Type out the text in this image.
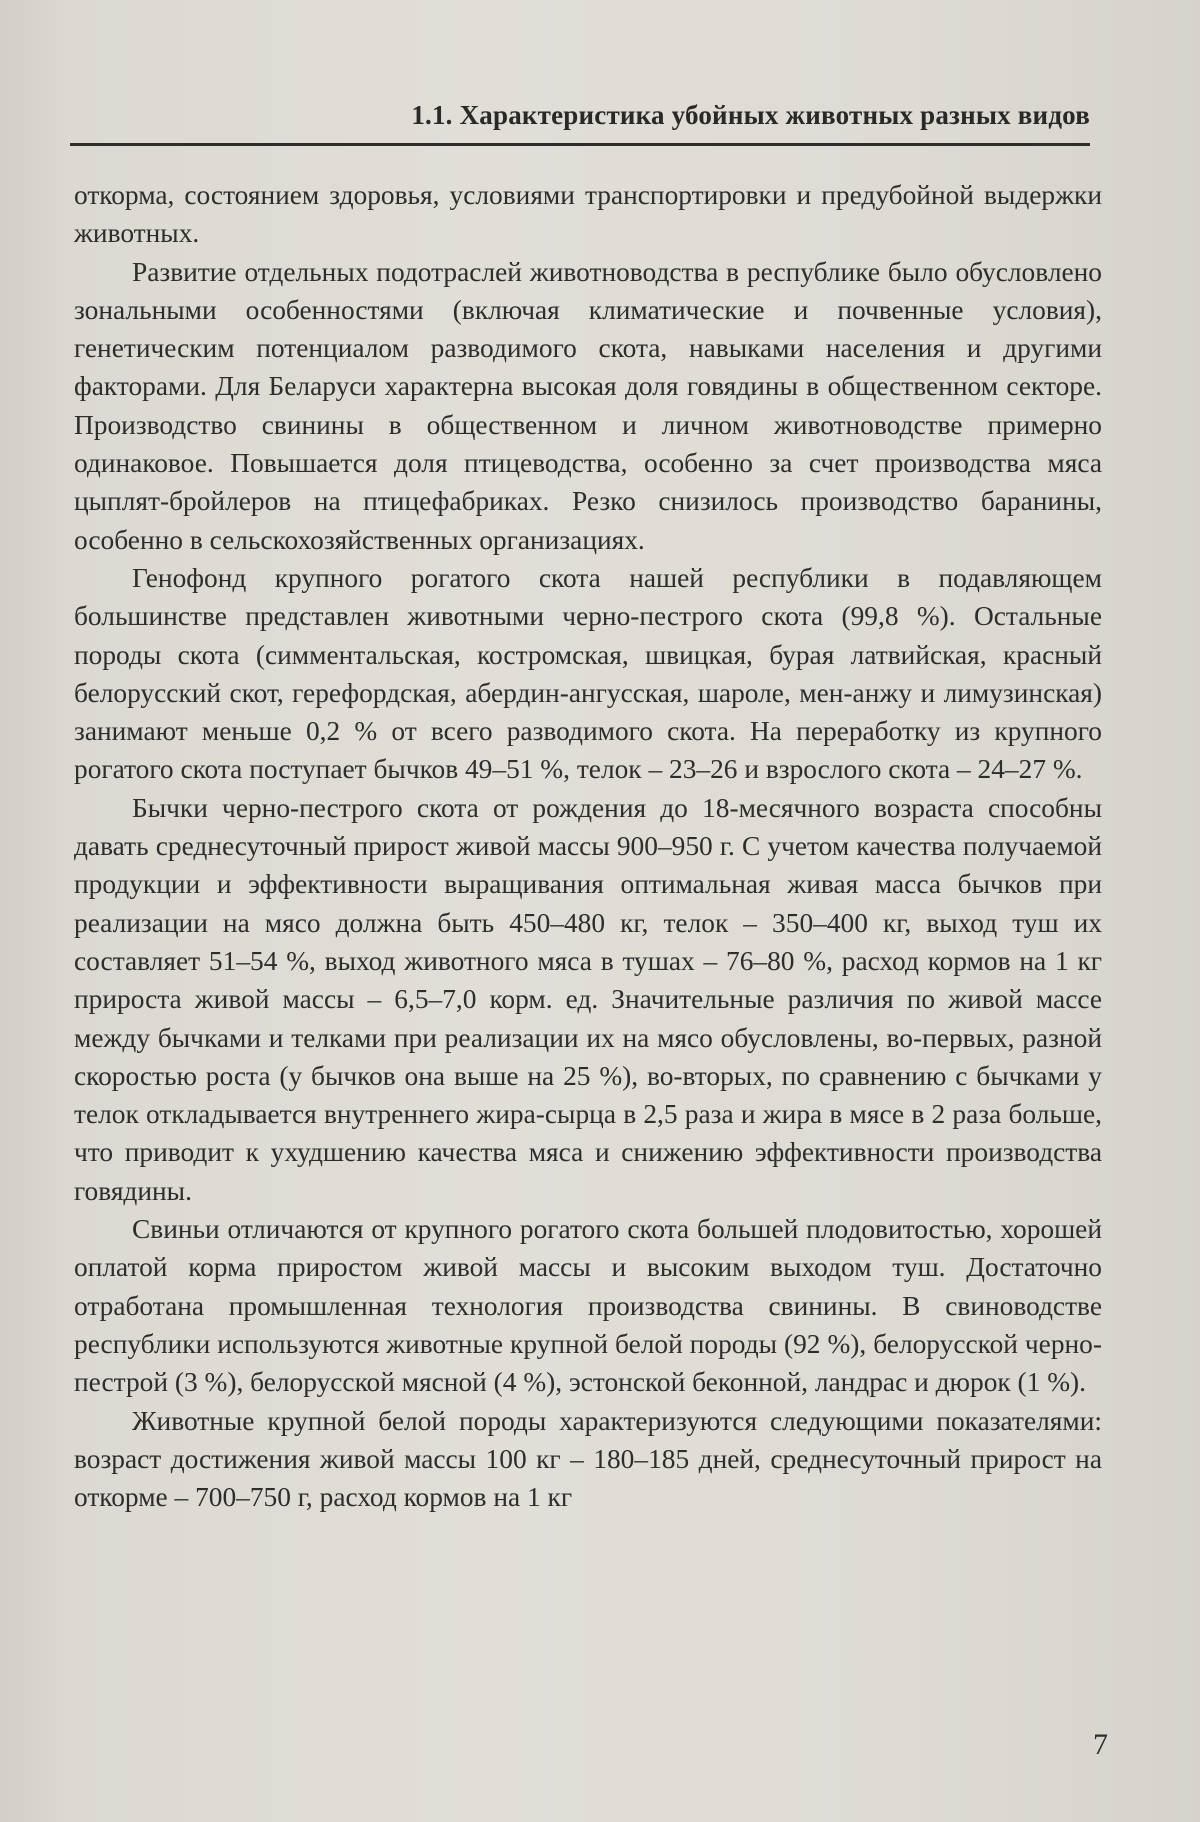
1.1. Характеристика убойных животных разных видов

откорма, состоянием здоровья, условиями транспортировки и предубойной выдержки животных.

Развитие отдельных подотраслей животноводства в республике было обусловлено зональными особенностями (включая климатические и почвенные условия), генетическим потенциалом разводимого скота, навыками населения и другими факторами. Для Беларуси характерна высокая доля говядины в общественном секторе. Производство свинины в общественном и личном животноводстве примерно одинаковое. Повышается доля птицеводства, особенно за счет производства мяса цыплят-бройлеров на птицефабриках. Резко снизилось производство баранины, особенно в сельскохозяйственных организациях.

Генофонд крупного рогатого скота нашей республики в подавляющем большинстве представлен животными черно-пестрого скота (99,8 %). Остальные породы скота (симментальская, костромская, швицкая, бурая латвийская, красный белорусский скот, герефордская, абердин-ангусская, шароле, мен-анжу и лимузинская) занимают меньше 0,2 % от всего разводимого скота. На переработку из крупного рогатого скота поступает бычков 49–51 %, телок – 23–26 и взрослого скота – 24–27 %.

Бычки черно-пестрого скота от рождения до 18-месячного возраста способны давать среднесуточный прирост живой массы 900–950 г. С учетом качества получаемой продукции и эффективности выращивания оптимальная живая масса бычков при реализации на мясо должна быть 450–480 кг, телок – 350–400 кг, выход туш их составляет 51–54 %, выход животного мяса в тушах – 76–80 %, расход кормов на 1 кг прироста живой массы – 6,5–7,0 корм. ед. Значительные различия по живой массе между бычками и телками при реализации их на мясо обусловлены, во-первых, разной скоростью роста (у бычков она выше на 25 %), во-вторых, по сравнению с бычками у телок откладывается внутреннего жира-сырца в 2,5 раза и жира в мясе в 2 раза больше, что приводит к ухудшению качества мяса и снижению эффективности производства говядины.

Свиньи отличаются от крупного рогатого скота большей плодовитостью, хорошей оплатой корма приростом живой массы и высоким выходом туш. Достаточно отработана промышленная технология производства свинины. В свиноводстве республики используются животные крупной белой породы (92 %), белорусской черно-пестрой (3 %), белорусской мясной (4 %), эстонской беконной, ландрас и дюрок (1 %).

Животные крупной белой породы характеризуются следующими показателями: возраст достижения живой массы 100 кг – 180–185 дней, среднесуточный прирост на откорме – 700–750 г, расход кормов на 1 кг

7
